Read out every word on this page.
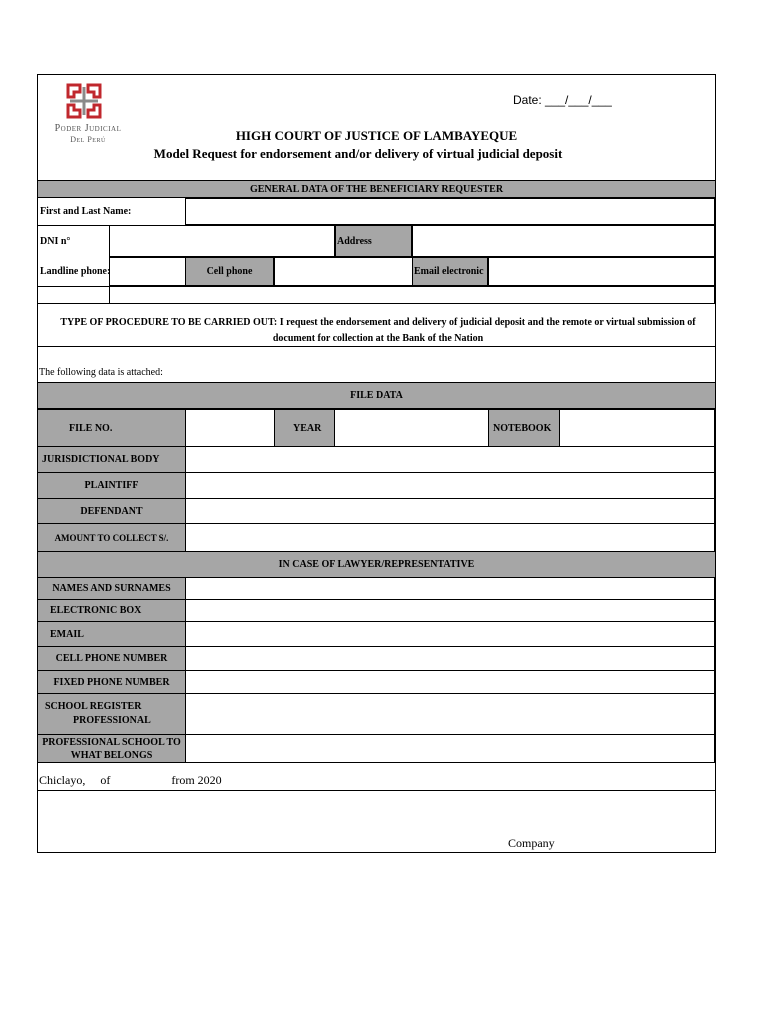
Poder Judicial
Del Perú
Date: ___/___/___
HIGH COURT OF JUSTICE OF LAMBAYEQUE
Model Request for endorsement and/or delivery of virtual judicial deposit
GENERAL DATA OF THE BENEFICIARY REQUESTER
First and Last Name:
DNI n°	Address
Landline phone:	Cell phone	Email electronic
TYPE OF PROCEDURE TO BE CARRIED OUT: I request the endorsement and delivery of judicial deposit and the remote or virtual submission of document for collection at the Bank of the Nation
The following data is attached:
FILE DATA
FILE NO.	YEAR	NOTEBOOK
JURISDICTIONAL BODY
PLAINTIFF
DEFENDANT
AMOUNT TO COLLECT S/.
IN CASE OF LAWYER/REPRESENTATIVE
NAMES AND SURNAMES
ELECTRONIC BOX
EMAIL
CELL PHONE NUMBER
FIXED PHONE NUMBER
SCHOOL REGISTER
PROFESSIONAL
PROFESSIONAL SCHOOL TO
WHAT BELONGS
Chiclayo, of	from 2020
Company
